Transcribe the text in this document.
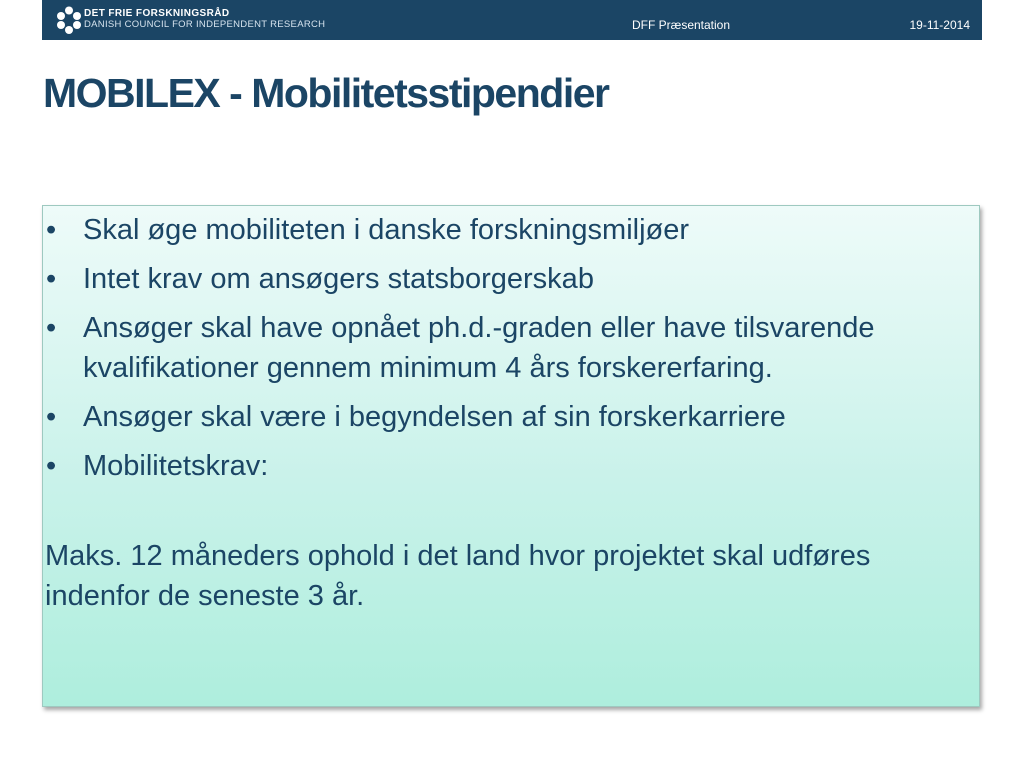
DET FRIE FORSKNINGSRÅD
DANISH COUNCIL FOR INDEPENDENT RESEARCH	DFF Præsentation	19-11-2014
MOBILEX - Mobilitetsstipendier
• Skal øge mobiliteten i danske forskningsmiljøer
• Intet krav om ansøgers statsborgerskab
• Ansøger skal have opnået ph.d.-graden eller have tilsvarende kvalifikationer gennem minimum 4 års forskererfaring.
• Ansøger skal være i begyndelsen af sin forskerkarriere
• Mobilitetskrav:

Maks. 12 måneders ophold i det land hvor projektet skal udføres indenfor de seneste 3 år.
